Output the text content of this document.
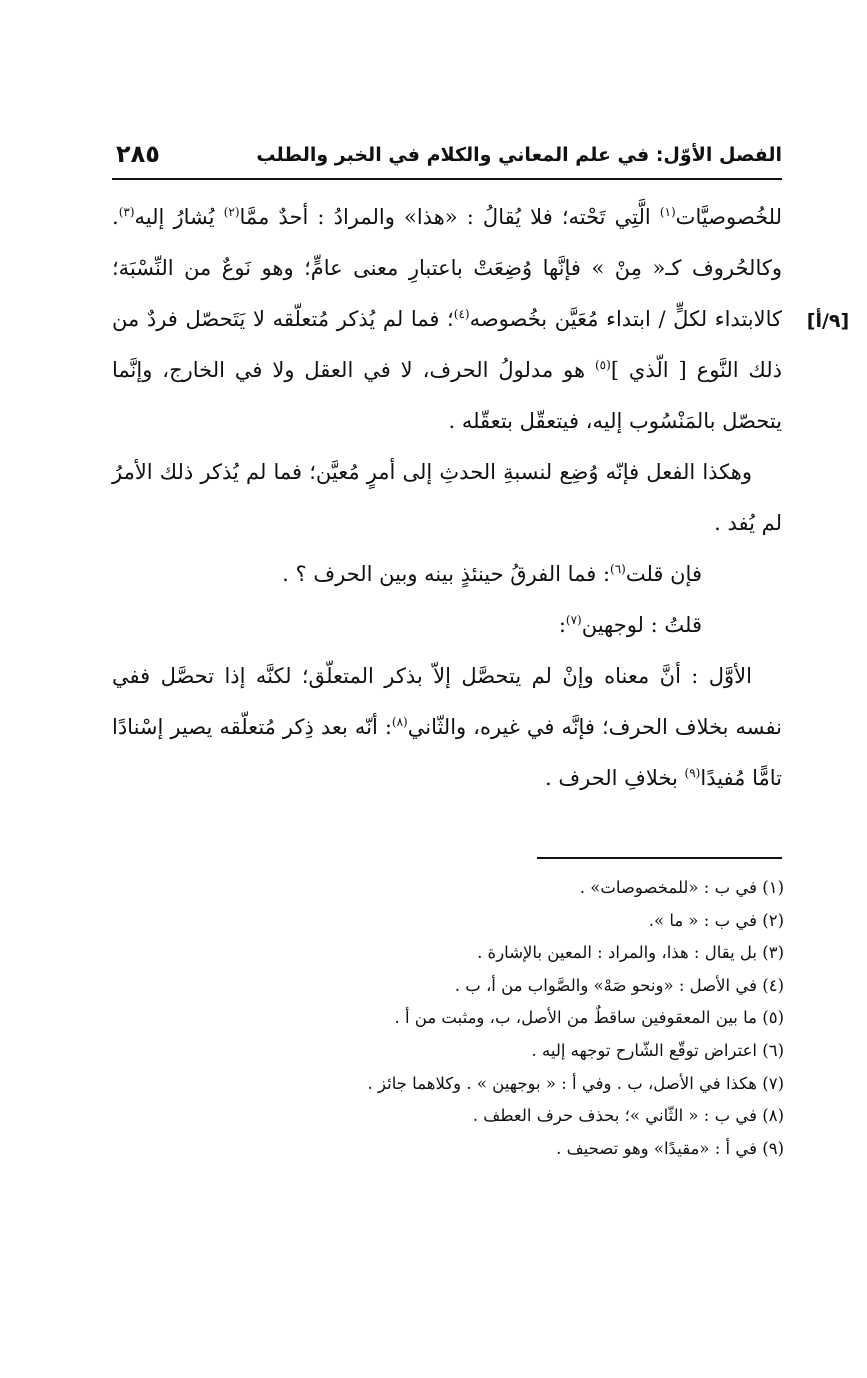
الفصل الأوّل: في علم المعاني والكلام في الخبر والطلب
٢٨٥
[٩/أ]

للخُصوصيَّات$^{(١)}$ الَّتِي تَحْته؛ فلا يُقالُ : «هذا» والمرادُ : أحدٌ ممَّا$^{(٢)}$ يُشارُ إليه$^{(٣)}$. وكالحُروف كـ« مِنْ » فإنَّها وُضِعَتْ باعتبارِ معنى عامٍّ؛ وهو نَوعٌ من النِّسْبَة؛ كالابتداء لكلٍّ / ابتداء مُعَيَّن بخُصوصه$^{(٤)}$؛ فما لم يُذكر مُتعلّقه لا يَتَحصّل فردٌ من ذلك النَّوع [ الّذي ]$^{(٥)}$ هو مدلولُ الحرف، لا في العقل ولا في الخارج، وإنَّما يتحصّل بالمَنْسُوب إليه، فيتعقّل بتعقّله .

وهكذا الفعل فإنّه وُضِع لنسبةِ الحدثِ إلى أمرٍ مُعيَّن؛ فما لم يُذكر ذلك الأمرُ لم يُفد .

فإن قلت$^{(٦)}$: فما الفرقُ حينئذٍ بينه وبين الحرف ؟ .

قلتُ : لوجهين$^{(٧)}$:

الأوَّل : أنَّ معناه وإنْ لم يتحصَّل إلاّ بذكر المتعلّق؛ لكنَّه إذا تحصَّل ففي نفسه بخلاف الحرف؛ فإنَّه في غيره، والثّاني$^{(٨)}$: أنّه بعد ذِكر مُتعلّقه يصير إسْنادًا تامًّا مُفيدًا$^{(٩)}$ بخلافِ الحرف .

(١) في ب : «للمخصوصات» .

(٢) في ب : « ما ».

(٣) بل يقال : هذا، والمراد : المعين بالإشارة .

(٤) في الأصل : «ونحو صَهْ» والصَّواب من أ، ب .

(٥) ما بين المعقوفين ساقطٌ من الأصل، ب، ومثبت من أ .

(٦) اعتراض توقّع الشّارح توجهه إليه .

(٧) هكذا في الأصل، ب . وفي أ : « بوجهين » . وكلاهما جائز .

(٨) في ب : « الثّاني »؛ بحذف حرف العطف .

(٩) في أ : «مقيدًا» وهو تصحيف .
